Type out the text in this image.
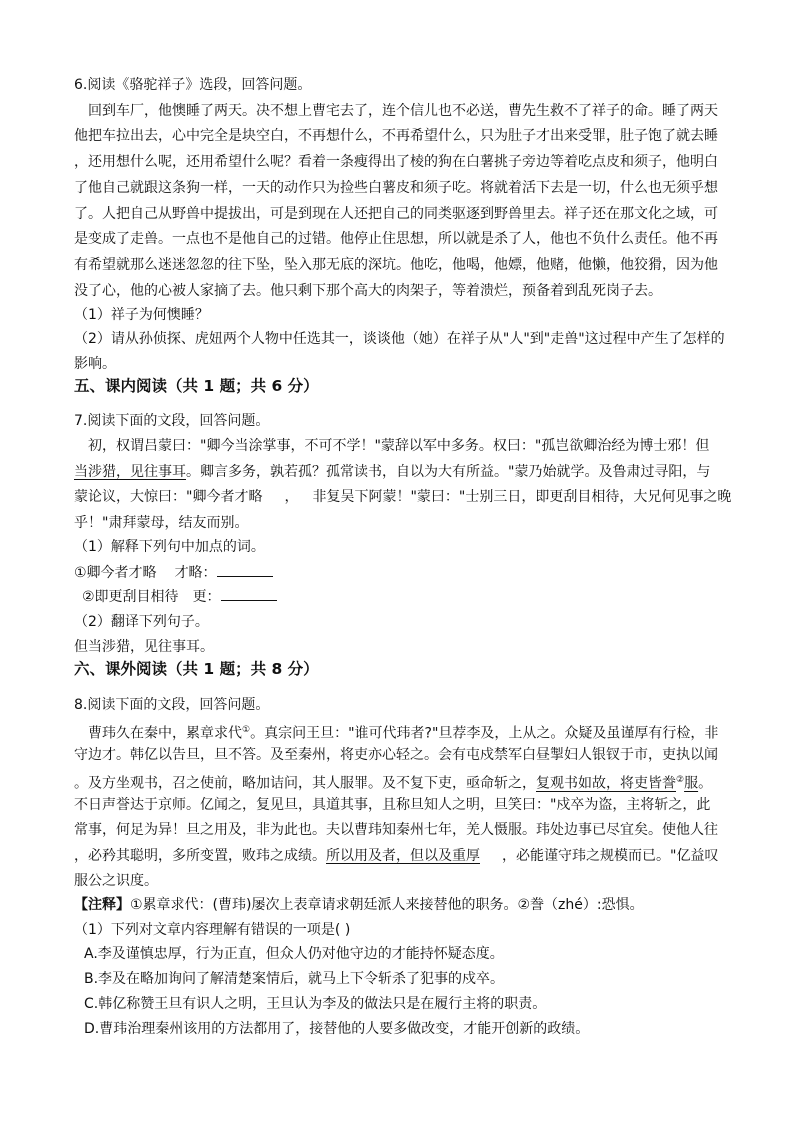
6.阅读《骆驼祥子》选段，回答问题。
回到车厂，他懊睡了两天。决不想上曹宅去了，连个信儿也不必送，曹先生救不了祥子的命。睡了两天
他把车拉出去，心中完全是块空白，不再想什么，不再希望什么，只为肚子才出来受罪，肚子饱了就去睡
，还用想什么呢，还用希望什么呢？看着一条瘦得出了棱的狗在白薯挑子旁边等着吃点皮和须子，他明白
了他自己就跟这条狗一样，一天的动作只为捡些白薯皮和须子吃。将就着活下去是一切，什么也无须乎想
了。人把自己从野兽中提拔出，可是到现在人还把自己的同类驱逐到野兽里去。祥子还在那文化之域，可
是变成了走兽。一点也不是他自己的过错。他停止住思想，所以就是杀了人，他也不负什么责任。他不再
有希望就那么迷迷忽忽的往下坠，坠入那无底的深坑。他吃，他喝，他嫖，他赌，他懒，他狡猾，因为他
没了心，他的心被人家摘了去。他只剩下那个高大的肉架子，等着溃烂，预备着到乱死岗子去。
（1）祥子为何懊睡？
（2）请从孙侦探、虎妞两个人物中任选其一，谈谈他（她）在祥子从"人"到"走兽"这过程中产生了怎样的
影响。
五、课内阅读（共 1 题；共 6 分）
7.阅读下面的文段，回答问题。
初，权谓吕蒙曰："卿今当涂掌事，不可不学！"蒙辞以军中多务。权曰："孤岂欲卿治经为博士邪！但
当涉猎，见往事耳。卿言多务，孰若孤？孤常读书，自以为大有所益。"蒙乃始就学。及鲁肃过寻阳，与
蒙论议，大惊曰："卿今者才略 ， 非复吴下阿蒙！"蒙曰："士别三日，即更刮目相待，大兄何见事之晚
乎！"肃拜蒙母，结友而别。
（1）解释下列句中加点的词。
①卿今者才略 才略：
②即更刮目相待 更：
（2）翻译下列句子。
但当涉猎，见往事耳。
六、课外阅读（共 1 题；共 8 分）
8.阅读下面的文段，回答问题。
曹玮久在秦中，累章求代①。真宗问王旦："谁可代玮者?"旦荐李及，上从之。众疑及虽谨厚有行检，非
守边才。韩亿以告旦，旦不答。及至秦州，将吏亦心轻之。会有屯戍禁军白昼掣妇人银钗于市，吏执以闻
。及方坐观书，召之使前，略加诘问，其人服罪。及不复下吏，亟命斩之，复观书如故，将吏皆誊②服。
不日声誉达于京师。亿闻之，复见旦，具道其事，且称旦知人之明，旦笑曰："戍卒为盗，主将斩之，此
常事，何足为异！旦之用及，非为此也。夫以曹玮知秦州七年，羌人慑服。玮处边事已尽宜矣。使他人往
，必矜其聪明，多所变置，败玮之成绩。所以用及者，但以及重厚 ，必能谨守玮之规模而已。"亿益叹
服公之识度。
【注释】①累章求代：(曹玮)屡次上表章请求朝廷派人来接替他的职务。②誊（zhé）:恐惧。
（1）下列对文章内容理解有错误的一项是( )
A.李及谨慎忠厚，行为正直，但众人仍对他守边的才能持怀疑态度。
B.李及在略加询问了解清楚案情后，就马上下令斩杀了犯事的戍卒。
C.韩亿称赞王旦有识人之明，王旦认为李及的做法只是在履行主将的职责。
D.曹玮治理秦州该用的方法都用了，接替他的人要多做改变，才能开创新的政绩。
